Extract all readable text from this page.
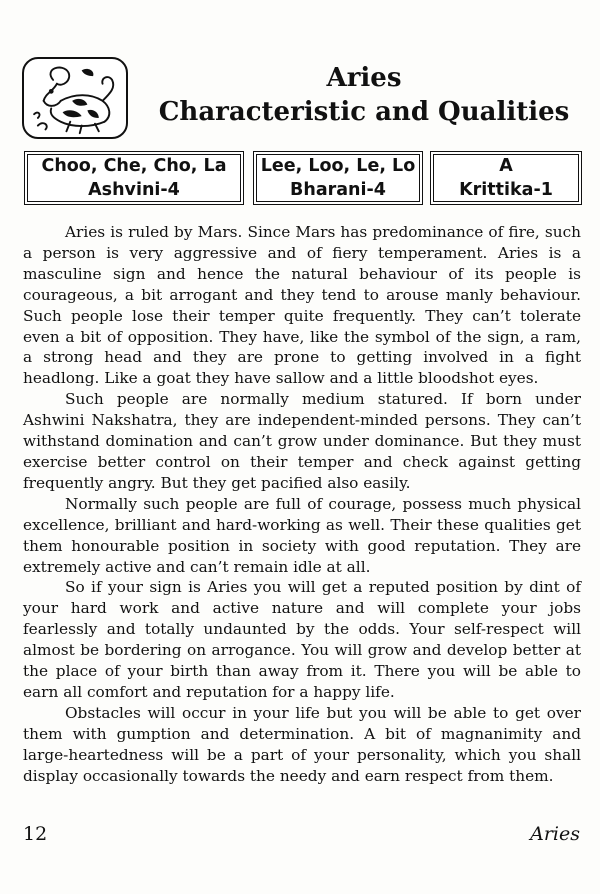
Aries
Characteristic and Qualities
Choo, Che, Cho, La
Ashvini-4
Lee, Loo, Le, Lo
Bharani-4
A
Krittika-1

Aries is ruled by Mars. Since Mars has predominance of fire, such a person is very aggressive and of fiery temperament. Aries is a masculine sign and hence the natural behaviour of its people is courageous, a bit arrogant and they tend to arouse manly behaviour. Such people lose their temper quite frequently. They can’t tolerate even a bit of opposition. They have, like the symbol of the sign, a ram, a strong head and they are prone to getting involved in a fight headlong. Like a goat they have sallow and a little bloodshot eyes.

Such people are normally medium statured. If born under Ashwini Nakshatra, they are independent-minded persons. They can’t withstand domination and can’t grow under dominance. But they must exercise better control on their temper and check against getting frequently angry. But they get pacified also easily.

Normally such people are full of courage, possess much physical excellence, brilliant and hard-working as well. Their these qualities get them honourable position in society with good reputation. They are extremely active and can’t remain idle at all.

So if your sign is Aries you will get a reputed position by dint of your hard work and active nature and will complete your jobs fearlessly and totally undaunted by the odds. Your self-respect will almost be bordering on arrogance. You will grow and develop better at the place of your birth than away from it. There you will be able to earn all comfort and reputation for a happy life.

Obstacles will occur in your life but you will be able to get over them with gumption and determination. A bit of magnanimity and large-heartedness will be a part of your personality, which you shall display occasionally towards the needy and earn respect from them.

12	Aries
